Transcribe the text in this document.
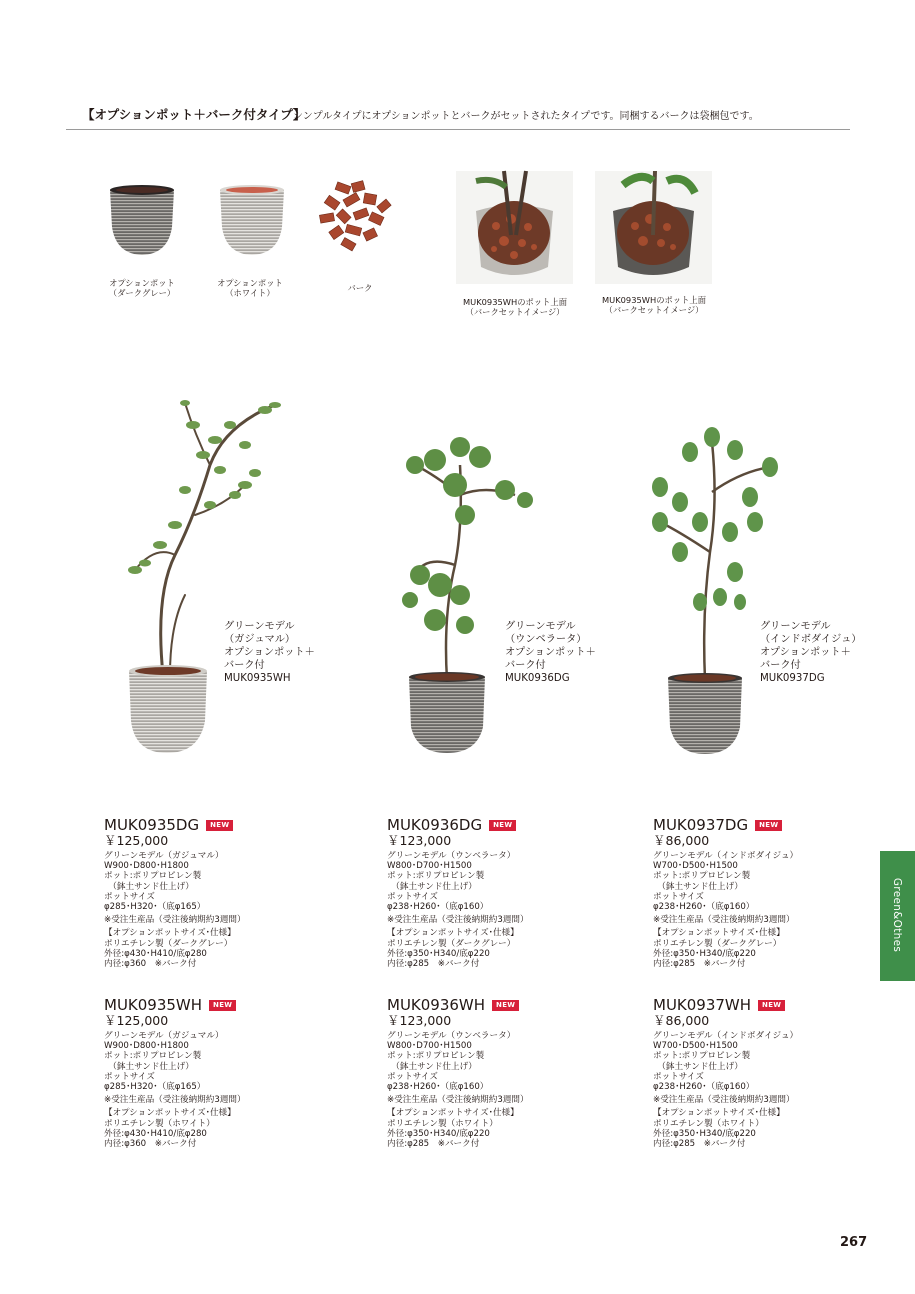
【オプションポット＋バーク付タイプ】
シンプルタイプにオプションポットとバークがセットされたタイプです。同梱するバークは袋梱包です。
オプションポット
（ダークグレー）
オプションポット
（ホワイト）	バーク
MUK0935WHのポット上面
（バークセットイメージ）
MUK0935WHのポット上面
（バークセットイメージ）
グリーンモデル
（ガジュマル）
オプションポット＋
バーク付
MUK0935WH
グリーンモデル
（ウンベラータ）
オプションポット＋
バーク付
MUK0936DG
グリーンモデル
（インドボダイジュ）
オプションポット＋
バーク付
MUK0937DG
MUK0935DG NEW
￥125,000
グリーンモデル（ガジュマル）
W900･D800･H1800
ポット:ポリプロピレン製
　（鉢土サンド仕上げ）
ポットサイズ
φ285･H320･（底φ165）
※受注生産品（受注後納期約3週間）
【オプションポットサイズ･仕様】
ポリエチレン製（ダークグレー）
外径:φ430･H410/底φ280
内径:φ360　※バーク付
MUK0936DG NEW
￥123,000
グリーンモデル（ウンベラータ）
W800･D700･H1500
ポット:ポリプロピレン製
　（鉢土サンド仕上げ）
ポットサイズ
φ238･H260･（底φ160）
※受注生産品（受注後納期約3週間）
【オプションポットサイズ･仕様】
ポリエチレン製（ダークグレー）
外径:φ350･H340/底φ220
内径:φ285　※バーク付
MUK0937DG NEW
￥86,000
グリーンモデル（インドボダイジュ）
W700･D500･H1500
ポット:ポリプロピレン製
　（鉢土サンド仕上げ）
ポットサイズ
φ238･H260･（底φ160）
※受注生産品（受注後納期約3週間）
【オプションポットサイズ･仕様】
ポリエチレン製（ダークグレー）
外径:φ350･H340/底φ220
内径:φ285　※バーク付
MUK0935WH NEW
￥125,000
グリーンモデル（ガジュマル）
W900･D800･H1800
ポット:ポリプロピレン製
　（鉢土サンド仕上げ）
ポットサイズ
φ285･H320･（底φ165）
※受注生産品（受注後納期約3週間）
【オプションポットサイズ･仕様】
ポリエチレン製（ホワイト）
外径:φ430･H410/底φ280
内径:φ360　※バーク付
MUK0936WH NEW
￥123,000
グリーンモデル（ウンベラータ）
W800･D700･H1500
ポット:ポリプロピレン製
　（鉢土サンド仕上げ）
ポットサイズ
φ238･H260･（底φ160）
※受注生産品（受注後納期約3週間）
【オプションポットサイズ･仕様】
ポリエチレン製（ホワイト）
外径:φ350･H340/底φ220
内径:φ285　※バーク付
MUK0937WH NEW
￥86,000
グリーンモデル（インドボダイジュ）
W700･D500･H1500
ポット:ポリプロピレン製
　（鉢土サンド仕上げ）
ポットサイズ
φ238･H260･（底φ160）
※受注生産品（受注後納期約3週間）
【オプションポットサイズ･仕様】
ポリエチレン製（ホワイト）
外径:φ350･H340/底φ220
内径:φ285　※バーク付
Green&Othes
267
